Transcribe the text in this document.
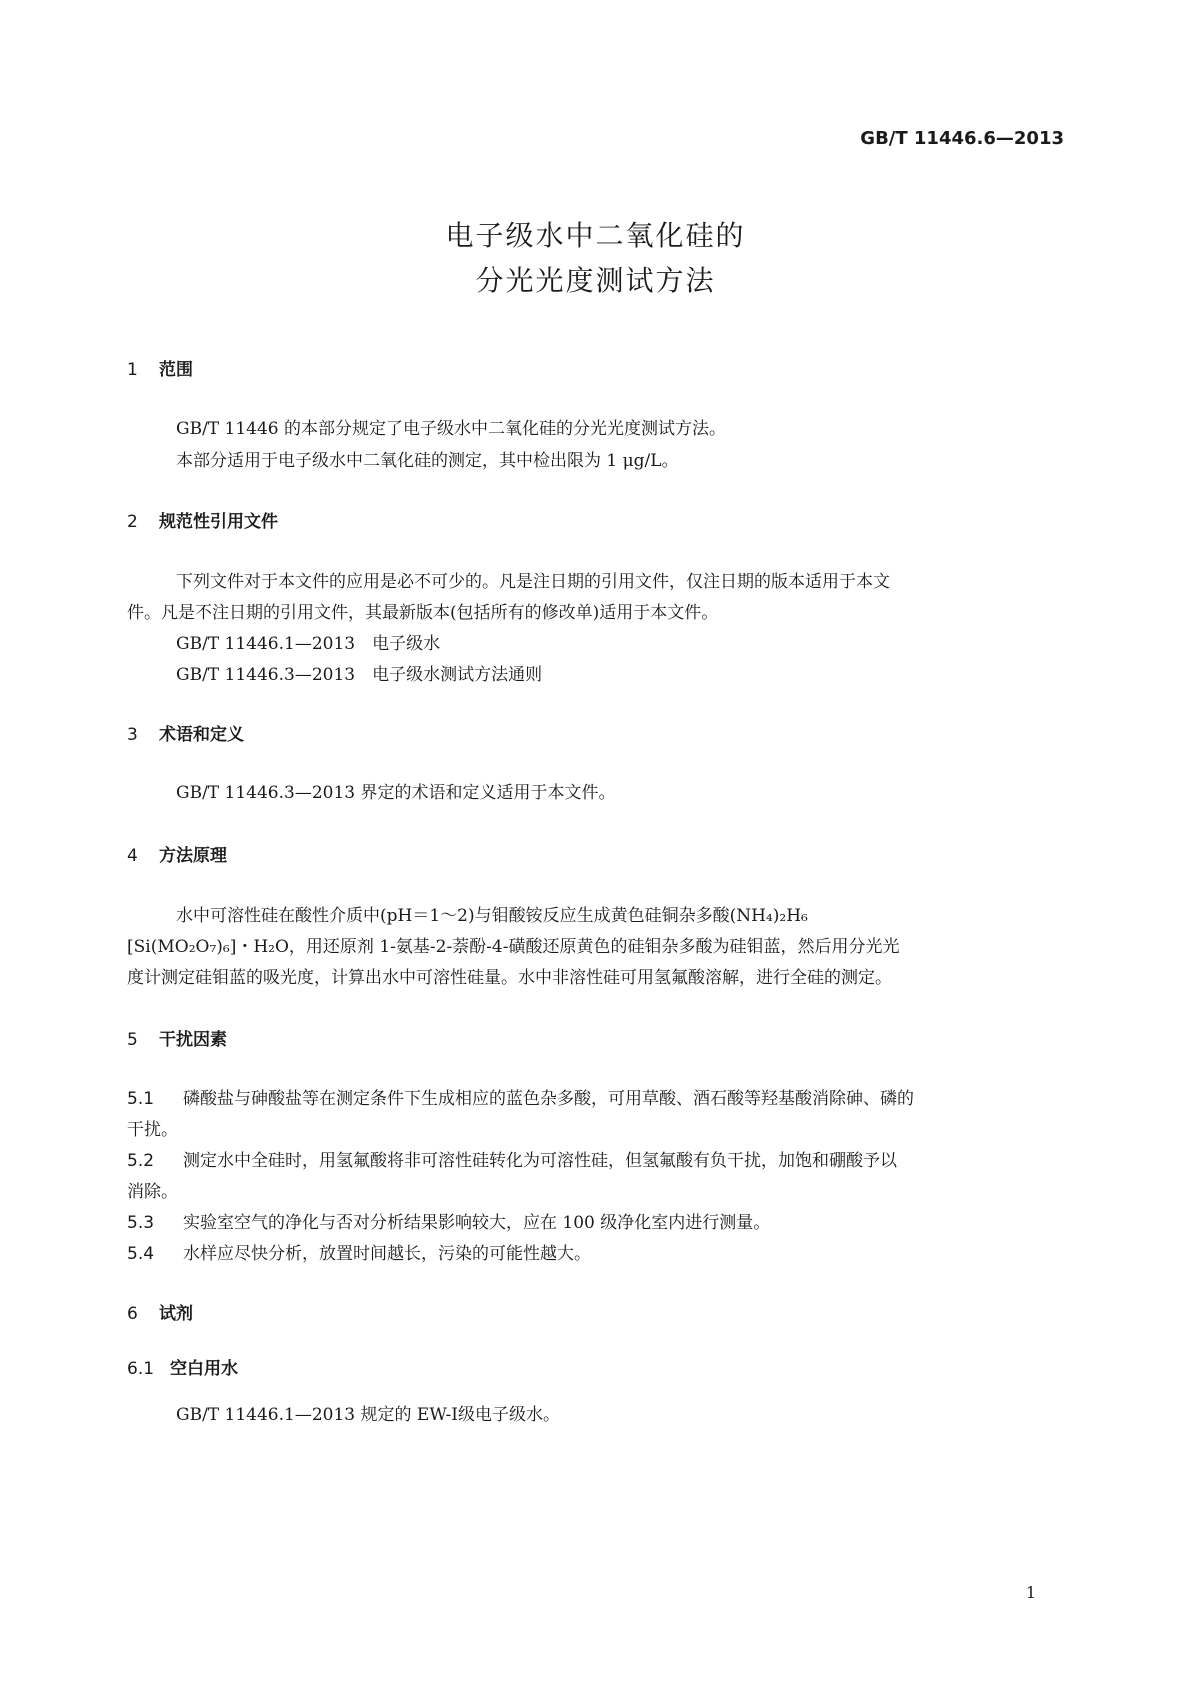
GB/T 11446.6—2013
电子级水中二氧化硅的
分光光度测试方法
1 范围
GB/T 11446 的本部分规定了电子级水中二氧化硅的分光光度测试方法。
本部分适用于电子级水中二氧化硅的测定，其中检出限为 1 μg/L。
2 规范性引用文件
下列文件对于本文件的应用是必不可少的。凡是注日期的引用文件，仅注日期的版本适用于本文
件。凡是不注日期的引用文件，其最新版本(包括所有的修改单)适用于本文件。
GB/T 11446.1—2013　电子级水
GB/T 11446.3—2013　电子级水测试方法通则
3 术语和定义
GB/T 11446.3—2013 界定的术语和定义适用于本文件。
4 方法原理
水中可溶性硅在酸性介质中(pH＝1～2)与钼酸铵反应生成黄色硅铜杂多酸(NH₄)₂H₆
[Si(MO₂O₇)₆]・H₂O，用还原剂 1-氨基-2-萘酚-4-磺酸还原黄色的硅钼杂多酸为硅钼蓝，然后用分光光
度计测定硅钼蓝的吸光度，计算出水中可溶性硅量。水中非溶性硅可用氢氟酸溶解，进行全硅的测定。
5 干扰因素
5.1 磷酸盐与砷酸盐等在测定条件下生成相应的蓝色杂多酸，可用草酸、酒石酸等羟基酸消除砷、磷的
干扰。
5.2 测定水中全硅时，用氢氟酸将非可溶性硅转化为可溶性硅，但氢氟酸有负干扰，加饱和硼酸予以
消除。
5.3 实验室空气的净化与否对分析结果影响较大，应在 100 级净化室内进行测量。
5.4 水样应尽快分析，放置时间越长，污染的可能性越大。
6 试剂
6.1 空白用水
GB/T 11446.1—2013 规定的 EW-Ⅰ级电子级水。
1
